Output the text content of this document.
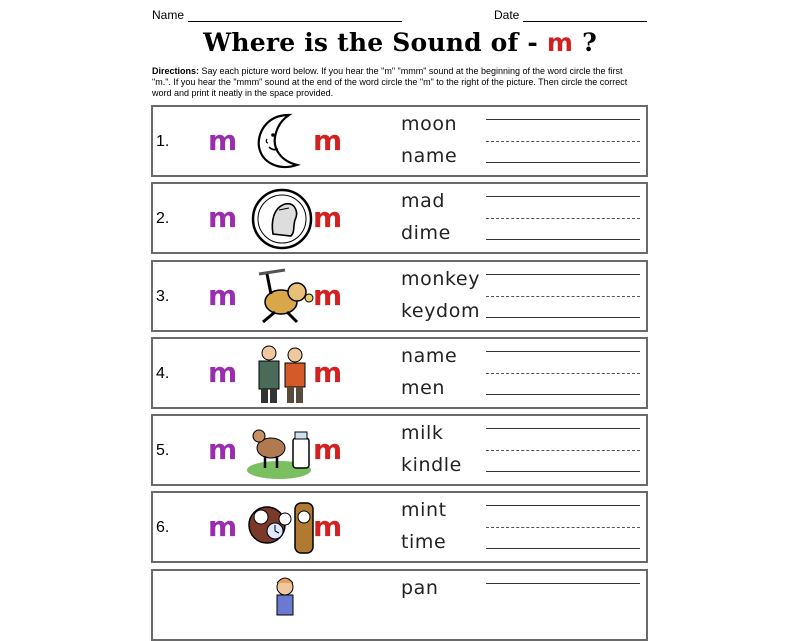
Name	Date
Where is the Sound of - m ?
Directions: Say each picture word below. If you hear the "m" "mmm" sound at the beginning of the word circle the first "m.". If you hear the "mmm" sound at the end of the word circle the "m" to the right of the picture. Then circle the correct word and print it neatly in the space provided.
1. m	m	moon
name
2. m	m	mad
dime
3. m	m	monkey
keydom
4. m	m	name
men
5. m	m	milk
kindle
6. m	m	mint
time
pan
